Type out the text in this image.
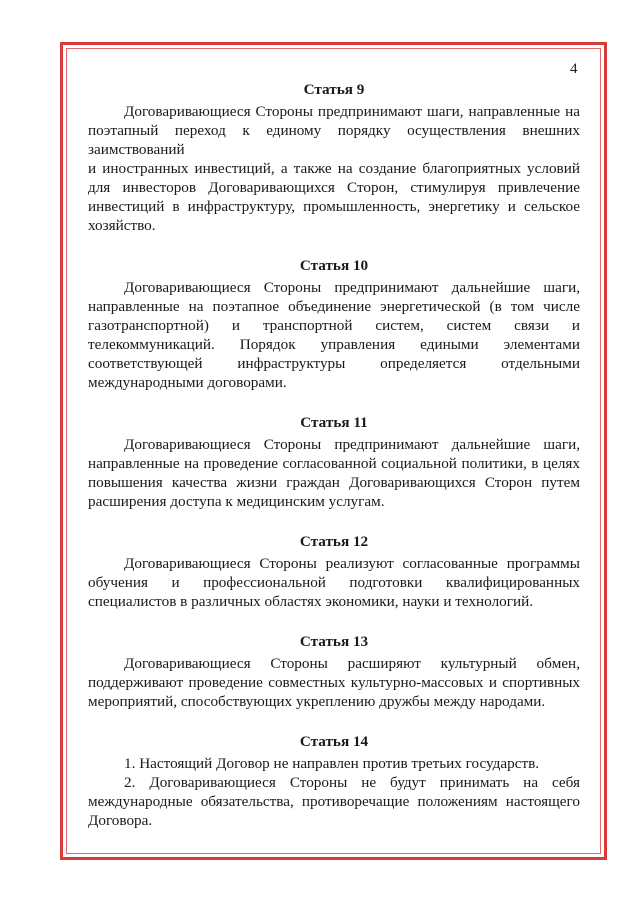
4
Статья 9
Договаривающиеся Стороны предпринимают шаги, направленные на
поэтапный переход к единому порядку осуществления внешних
заимствований
и иностранных инвестиций, а также на создание благоприятных условий
для инвесторов Договаривающихся Сторон, стимулируя привлечение
инвестиций в инфраструктуру, промышленность, энергетику и сельское
хозяйство.
Статья 10
Договаривающиеся Стороны предпринимают дальнейшие шаги,
направленные на поэтапное объединение энергетической (в том числе
газотранспортной) и транспортной систем, систем связи и
телекоммуникаций. Порядок управления едиными элементами
соответствующей инфраструктуры определяется отдельными
международными договорами.
Статья 11
Договаривающиеся Стороны предпринимают дальнейшие шаги,
направленные на проведение согласованной социальной политики, в целях
повышения качества жизни граждан Договаривающихся Сторон путем
расширения доступа к медицинским услугам.
Статья 12
Договаривающиеся Стороны реализуют согласованные программы
обучения и профессиональной подготовки квалифицированных
специалистов в различных областях экономики, науки и технологий.
Статья 13
Договаривающиеся Стороны расширяют культурный обмен,
поддерживают проведение совместных культурно-массовых и спортивных
мероприятий, способствующих укреплению дружбы между народами.
Статья 14
1. Настоящий Договор не направлен против третьих государств.
2. Договаривающиеся Стороны не будут принимать на себя
международные обязательства, противоречащие положениям настоящего
Договора.
